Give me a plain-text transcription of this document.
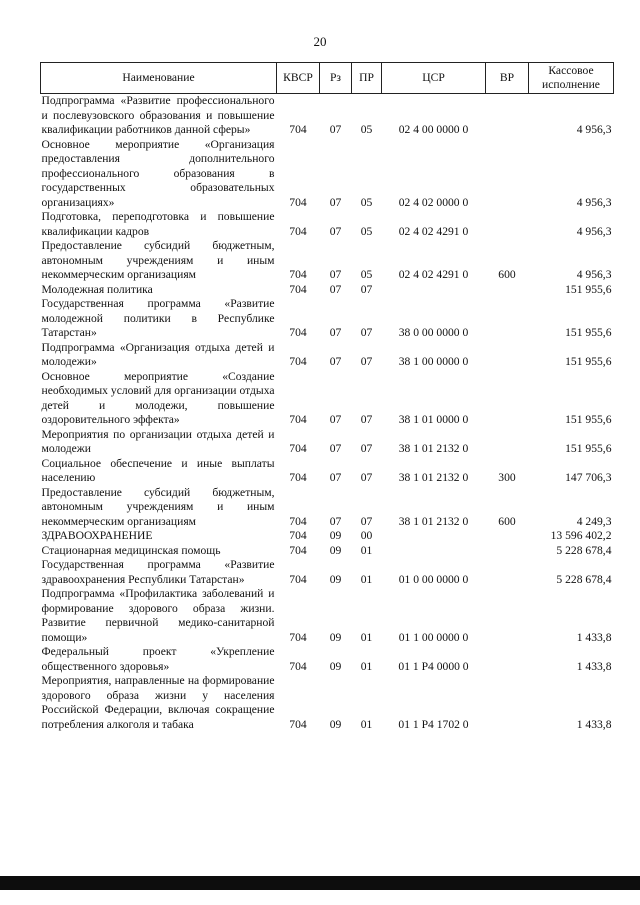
20
Наименование	КВСР	Рз	ПР	ЦСР	ВР	Кассовое исполнение
Подпрограмма «Развитие профессионального и послевузовского образования и повышение квалификации работников данной сферы»	704	07	05	02 4 00 0000 0		4 956,3
Основное мероприятие «Организация предоставления дополнительного профессионального образования в государственных образовательных организациях»	704	07	05	02 4 02 0000 0		4 956,3
Подготовка, переподготовка и повышение квалификации кадров	704	07	05	02 4 02 4291 0		4 956,3
Предоставление субсидий бюджетным, автономным учреждениям и иным некоммерческим организациям	704	07	05	02 4 02 4291 0	600	4 956,3
Молодежная политика	704	07	07			151 955,6
Государственная программа «Развитие молодежной политики в Республике Татарстан»	704	07	07	38 0 00 0000 0		151 955,6
Подпрограмма «Организация отдыха детей и молодежи»	704	07	07	38 1 00 0000 0		151 955,6
Основное мероприятие «Создание необходимых условий для организации отдыха детей и молодежи, повышение оздоровительного эффекта»	704	07	07	38 1 01 0000 0		151 955,6
Мероприятия по организации отдыха детей и молодежи	704	07	07	38 1 01 2132 0		151 955,6
Социальное обеспечение и иные выплаты населению	704	07	07	38 1 01 2132 0	300	147 706,3
Предоставление субсидий бюджетным, автономным учреждениям и иным некоммерческим организациям	704	07	07	38 1 01 2132 0	600	4 249,3
ЗДРАВООХРАНЕНИЕ	704	09	00			13 596 402,2
Стационарная медицинская помощь	704	09	01			5 228 678,4
Государственная программа «Развитие здравоохранения Республики Татарстан»	704	09	01	01 0 00 0000 0		5 228 678,4
Подпрограмма «Профилактика заболеваний и формирование здорового образа жизни. Развитие первичной медико-санитарной помощи»	704	09	01	01 1 00 0000 0		1 433,8
Федеральный проект «Укрепление общественного здоровья»	704	09	01	01 1 P4 0000 0		1 433,8
Мероприятия, направленные на формирование здорового образа жизни у населения Российской Федерации, включая сокращение потребления алкоголя и табака	704	09	01	01 1 P4 1702 0		1 433,8
